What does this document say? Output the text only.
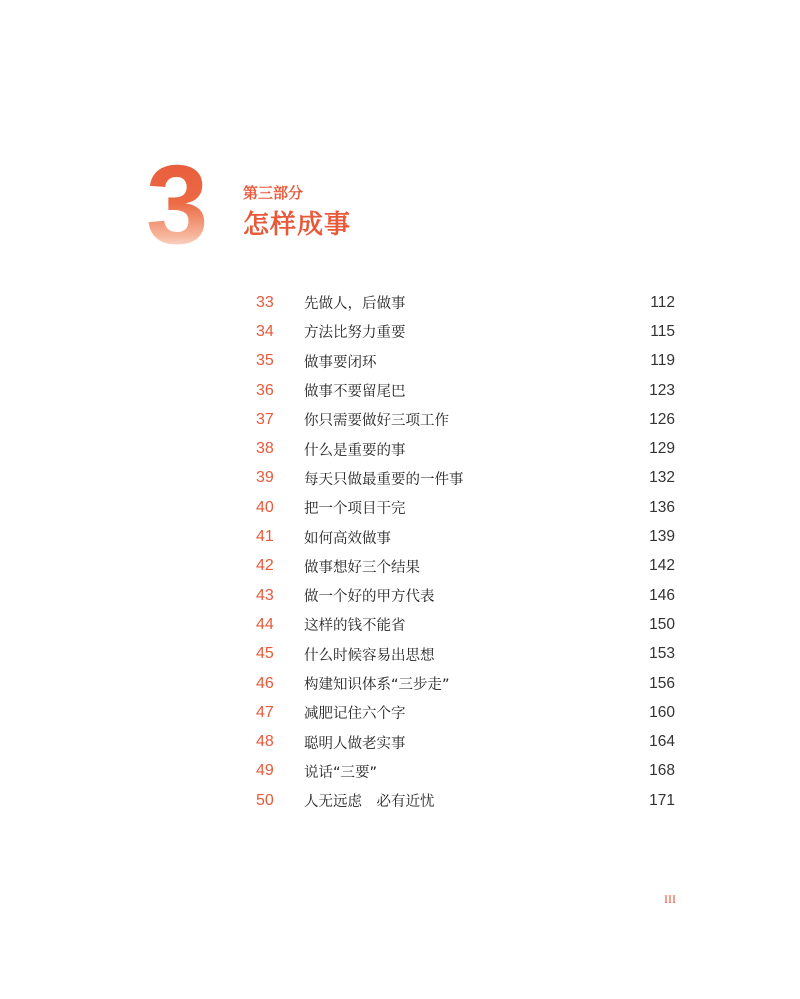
3	第三部分
怎样成事
33	先做人，后做事	112
34	方法比努力重要	115
35	做事要闭环	119
36	做事不要留尾巴	123
37	你只需要做好三项工作	126
38	什么是重要的事	129
39	每天只做最重要的一件事	132
40	把一个项目干完	136
41	如何高效做事	139
42	做事想好三个结果	142
43	做一个好的甲方代表	146
44	这样的钱不能省	150
45	什么时候容易出思想	153
46	构建知识体系“三步走”	156
47	减肥记住六个字	160
48	聪明人做老实事	164
49	说话“三要”	168
50	人无远虑　必有近忧	171
III
